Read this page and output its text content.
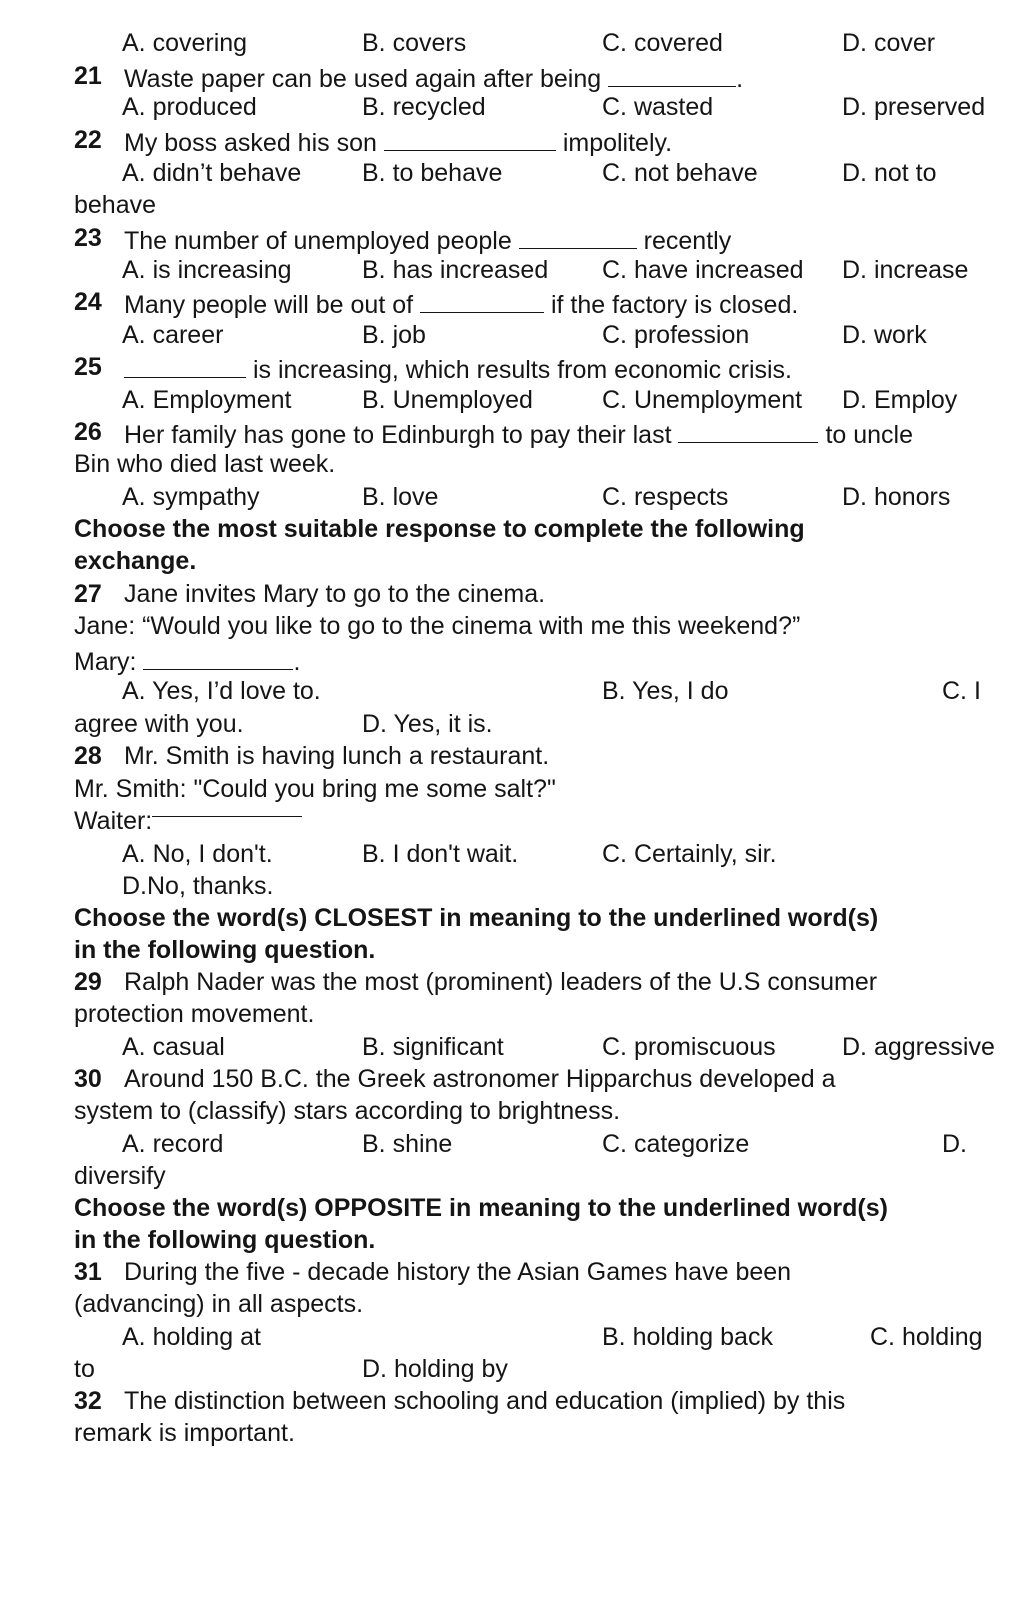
A. covering	B. covers	C. covered	D. cover
21 Waste paper can be used again after being	.
A. produced	B. recycled	C. wasted	D. preserved
22 My boss asked his son	impolitely.
A. didn’t behave B. to behave	C. not behave	D. not to
behave
23 The number of unemployed people	recently
A. is increasing	B. has increased C. have increased D. increase
24 Many people will be out of	if the factory is closed.
A. career	B. job	C. profession	D. work
25	is increasing, which results from economic crisis.
A. Employment	B. Unemployed	C. Unemployment D. Employ
26 Her family has gone to Edinburgh to pay their last	to uncle
Bin who died last week.
A. sympathy	B. love	C. respects	D. honors
Choose the most suitable response to complete the following
exchange.
27 Jane invites Mary to go to the cinema.
Jane: “Would you like to go to the cinema with me this weekend?”
Mary:	.
A. Yes, I’d love to.	B. Yes, I do	C. I
agree with you.	D. Yes, it is.
28 Mr. Smith is having lunch a restaurant.
Mr. Smith: "Could you bring me some salt?"
Waiter:
A. No, I don't.	B. I don't wait.	C. Certainly, sir.
D.No, thanks.
Choose the word(s) CLOSEST in meaning to the underlined word(s)
in the following question.
29 Ralph Nader was the most (prominent) leaders of the U.S consumer
protection movement.
A. casual	B. significant	C. promiscuous	D. aggressive
30 Around 150 B.C. the Greek astronomer Hipparchus developed a
system to (classify) stars according to brightness.
A. record	B. shine	C. categorize	D.
diversify
Choose the word(s) OPPOSITE in meaning to the underlined word(s)
in the following question.
31 During the five - decade history the Asian Games have been
(advancing) in all aspects.
A. holding at	B. holding back	C. holding
to	D. holding by
32 The distinction between schooling and education (implied) by this
remark is important.
